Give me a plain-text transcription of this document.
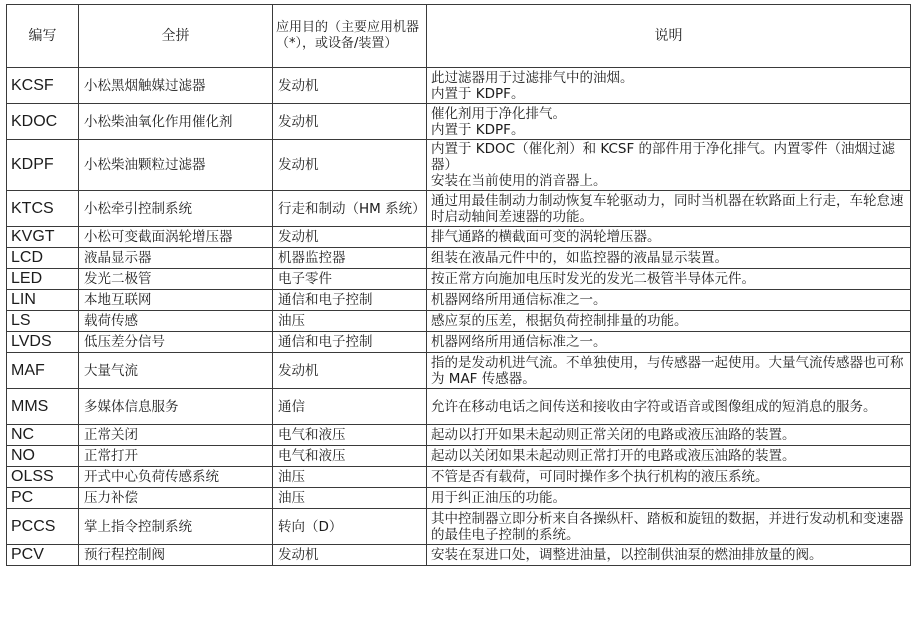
编写	全拼	应用目的（主要应用机器（*），或设备/装置）	说明
KCSF	小松黑烟触媒过滤器	发动机	此过滤器用于过滤排气中的油烟。
内置于 KDPF。
KDOC	小松柴油氧化作用催化剂	发动机	催化剂用于净化排气。
内置于 KDPF。
KDPF	小松柴油颗粒过滤器	发动机	内置于 KDOC（催化剂）和 KCSF 的部件用于净化排气。内置零件（油烟过滤器）
安装在当前使用的消音器上。
KTCS	小松牵引控制系统	行走和制动（HM 系统）	通过用最佳制动力制动恢复车轮驱动力，同时当机器在软路面上行走，车轮怠速时启动轴间差速器的功能。
KVGT	小松可变截面涡轮增压器	发动机	排气通路的横截面可变的涡轮增压器。
LCD	液晶显示器	机器监控器	组装在液晶元件中的，如监控器的液晶显示装置。
LED	发光二极管	电子零件	按正常方向施加电压时发光的发光二极管半导体元件。
LIN	本地互联网	通信和电子控制	机器网络所用通信标准之一。
LS	载荷传感	油压	感应泵的压差，根据负荷控制排量的功能。
LVDS	低压差分信号	通信和电子控制	机器网络所用通信标准之一。
MAF	大量气流	发动机	指的是发动机进气流。不单独使用，与传感器一起使用。大量气流传感器也可称为 MAF 传感器。
MMS	多媒体信息服务	通信	允许在移动电话之间传送和接收由字符或语音或图像组成的短消息的服务。
NC	正常关闭	电气和液压	起动以打开如果未起动则正常关闭的电路或液压油路的装置。
NO	正常打开	电气和液压	起动以关闭如果未起动则正常打开的电路或液压油路的装置。
OLSS	开式中心负荷传感系统	油压	不管是否有载荷，可同时操作多个执行机构的液压系统。
PC	压力补偿	油压	用于纠正油压的功能。
PCCS	掌上指令控制系统	转向（D）	其中控制器立即分析来自各操纵杆、踏板和旋钮的数据，并进行发动机和变速器的最佳电子控制的系统。
PCV	预行程控制阀	发动机	安装在泵进口处，调整进油量，以控制供油泵的燃油排放量的阀。
